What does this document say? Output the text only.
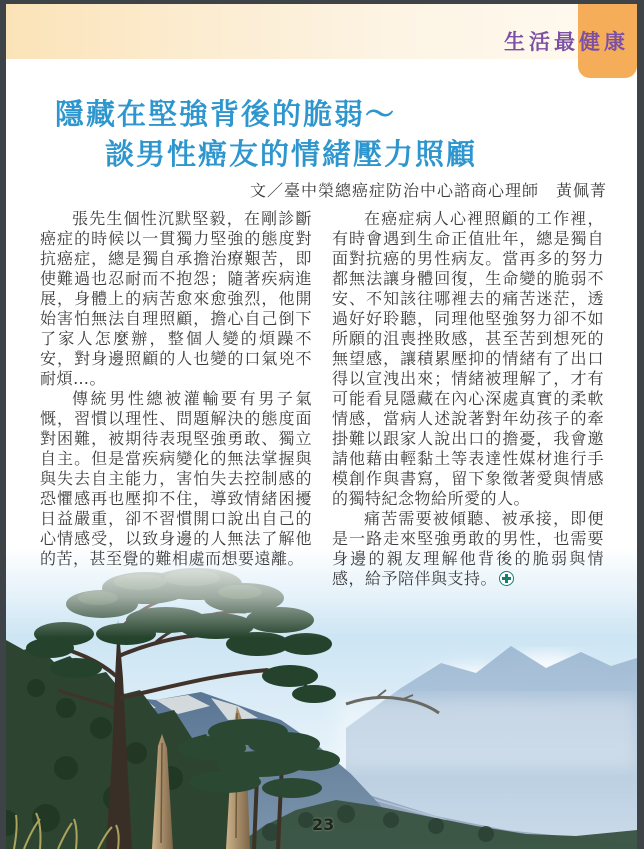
生活最健康
隱藏在堅強背後的脆弱～
談男性癌友的情緒壓力照顧
文／臺中榮總癌症防治中心諮商心理師　黃佩菁

張先生個性沉默堅毅，在剛診斷癌症的時候以一貫獨力堅強的態度對抗癌症，總是獨自承擔治療艱苦，即使難過也忍耐而不抱怨；隨著疾病進展，身體上的病苦愈來愈強烈，他開始害怕無法自理照顧，擔心自己倒下了家人怎麼辦，整個人變的煩躁不安，對身邊照顧的人也變的口氣兇不耐煩…。

傳統男性總被灌輸要有男子氣慨，習慣以理性、問題解決的態度面對困難，被期待表現堅強勇敢、獨立自主。但是當疾病變化的無法掌握與與失去自主能力，害怕失去控制感的恐懼感再也壓抑不住，導致情緒困擾日益嚴重，卻不習慣開口說出自己的心情感受，以致身邊的人無法了解他的苦，甚至覺的難相處而想要遠離。

在癌症病人心裡照顧的工作裡，有時會遇到生命正值壯年，總是獨自面對抗癌的男性病友。當再多的努力都無法讓身體回復，生命變的脆弱不安、不知該往哪裡去的痛苦迷茫，透過好好聆聽，同理他堅強努力卻不如所願的沮喪挫敗感，甚至苦到想死的無望感，讓積累壓抑的情緒有了出口得以宣洩出來；情緒被理解了，才有可能看見隱藏在內心深處真實的柔軟情感，當病人述說著對年幼孩子的牽掛難以跟家人說出口的擔憂，我會邀請他藉由輕黏土等表達性媒材進行手模創作與書寫，留下象徵著愛與情感的獨特紀念物給所愛的人。

痛苦需要被傾聽、被承接，即便是一路走來堅強勇敢的男性，也需要身邊的親友理解他背後的脆弱與情感，給予陪伴與支持。

23
